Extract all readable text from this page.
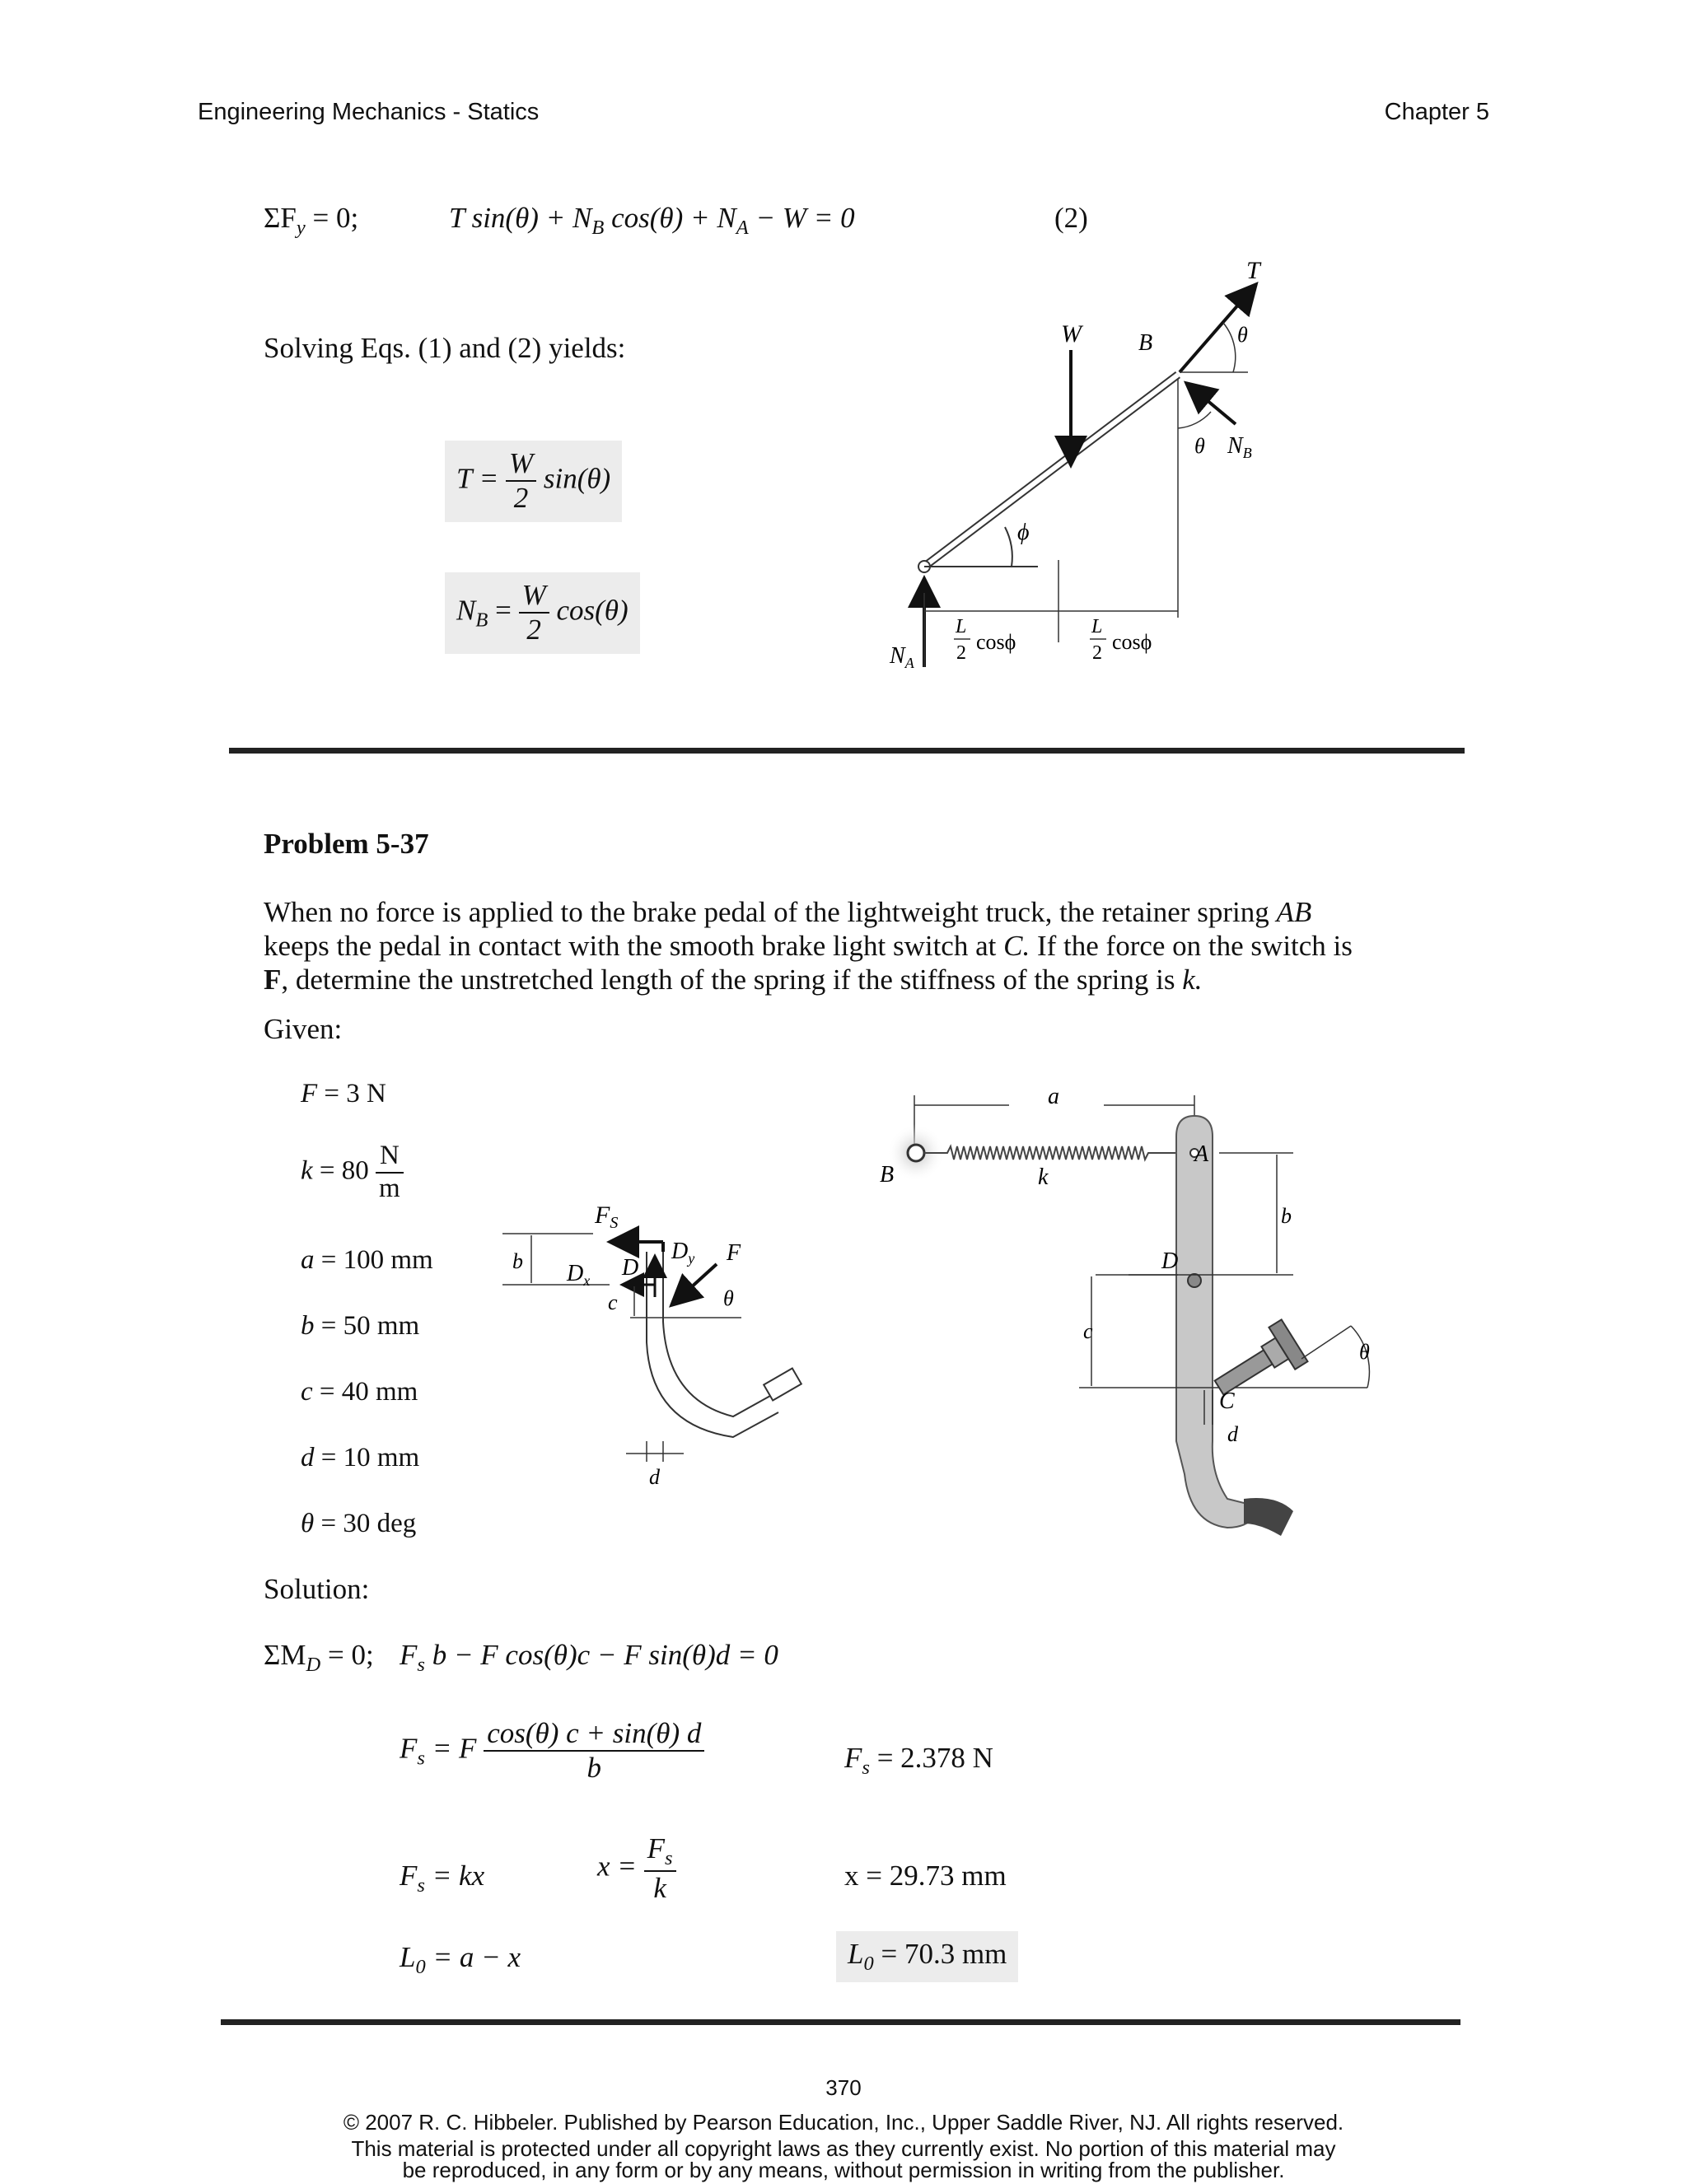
Engineering Mechanics - Statics	Chapter 5
$\Sigma F_y = 0$;	T $\sin(\theta) + N_B$ $\cos(\theta) + N_A - W = 0$	(2)
Solving Eqs. (1) and (2) yields:
$T = \frac{W}{2} \sin(\theta)$
$N_B = \frac{W}{2} \cos(\theta)$
T
W B	θ
θ $N_B$
ϕ
$N_A$
L
2 cosϕ
L
2 cosϕ
Problem 5-37
When no force is applied to the brake pedal of the lightweight truck, the retainer spring AB
keeps the pedal in contact with the smooth brake light switch at C. If the force on the switch is
F, determine the unstretched length of the spring if the stiffness of the spring is k.
Given:
F = 3 N
$k = 80 \frac{N}{m}$
a = 100 mm
b = 50 mm
c = 40 mm
d = 10 mm
θ = 30 deg
$F_S$
b $D_x$ D
$D_y$ F
c	θ
d
a
B	k
A
b
D
c
θ
C
d
Solution:
$\Sigma M_D = 0$; $F_s$ b − F cos(θ)c − F sin(θ)d = 0
$F_s = F \frac{\cos(\theta) c + \sin(\theta) d}{b}$	$F_s = 2.378$ N
$F_s$ = kx	$x = \frac{F_s}{k}$	x = 29.73 mm
$L_0 = a - x$	$L_0 = 70.3$ mm
370
© 2007 R. C. Hibbeler. Published by Pearson Education, Inc., Upper Saddle River, NJ. All rights reserved.
This material is protected under all copyright laws as they currently exist. No portion of this material may
be reproduced, in any form or by any means, without permission in writing from the publisher.
